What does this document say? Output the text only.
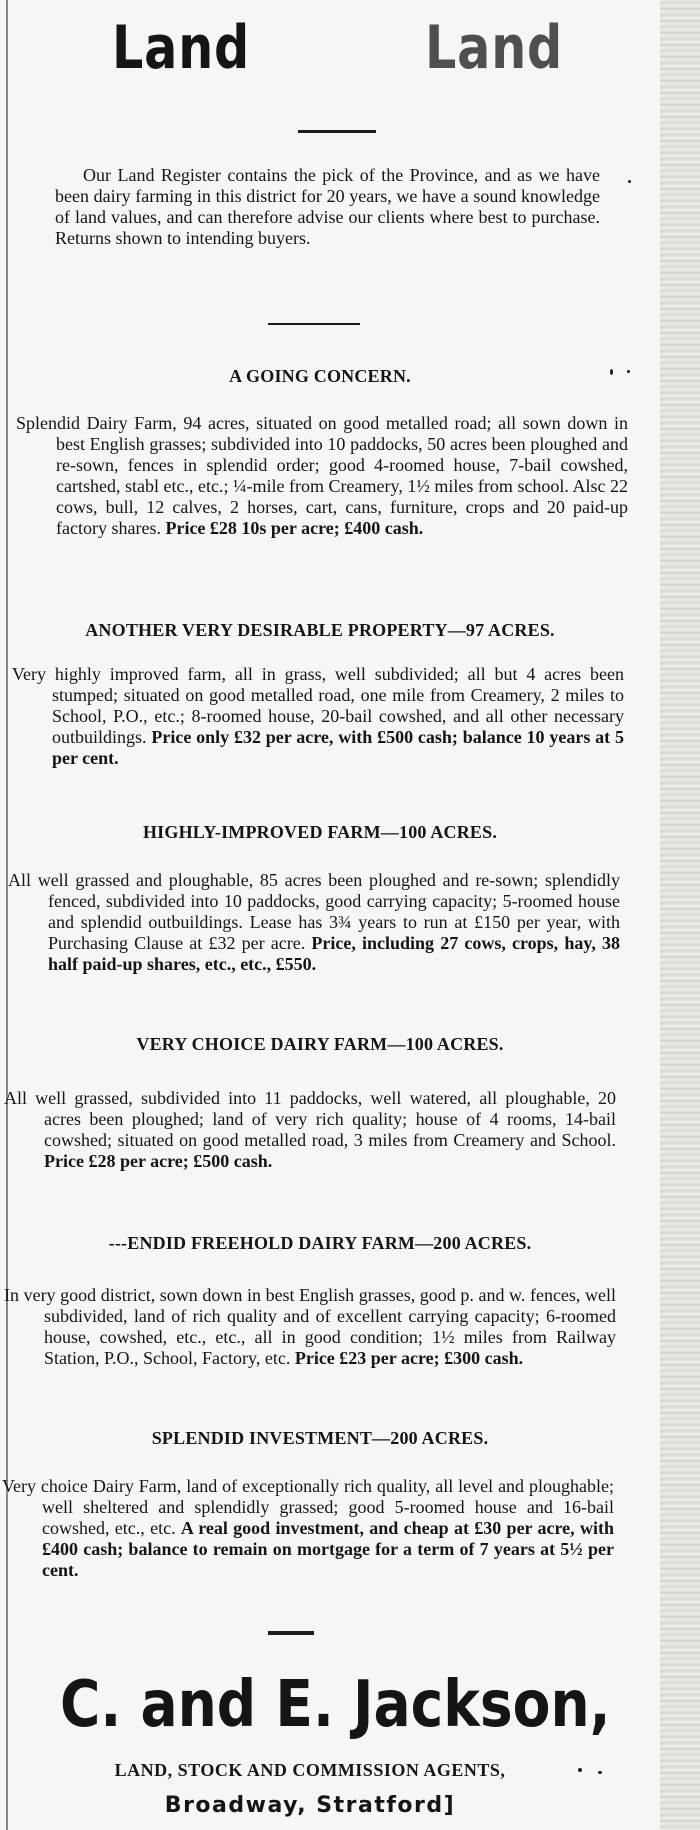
Land	Land

Our Land Register contains the pick of the Province, and as we have been dairy farming in this district for 20 years, we have a sound knowledge of land values, and can therefore advise our clients where best to purchase. Returns shown to intending buyers.

A GOING CONCERN.
Splendid Dairy Farm, 94 acres, situated on good metalled road; all sown down in best English grasses; subdivided into 10 paddocks, 50 acres been ploughed and re-sown, fences in splendid order; good 4-roomed house, 7-bail cowshed, cartshed, stabl etc., etc.; ¼-mile from Creamery, 1½ miles from school. Alsc 22 cows, bull, 12 calves, 2 horses, cart, cans, furniture, crops and 20 paid-up factory shares. Price £28 10s per acre; £400 cash.
ANOTHER VERY DESIRABLE PROPERTY—97 ACRES.
Very highly improved farm, all in grass, well subdivided; all but 4 acres been stumped; situated on good metalled road, one mile from Creamery, 2 miles to School, P.O., etc.; 8-roomed house, 20-bail cowshed, and all other necessary outbuildings. Price only £32 per acre, with £500 cash; balance 10 years at 5 per cent.
HIGHLY-IMPROVED FARM—100 ACRES.
All well grassed and ploughable, 85 acres been ploughed and re-sown; splendidly fenced, subdivided into 10 paddocks, good carrying capacity; 5-roomed house and splendid outbuildings. Lease has 3¾ years to run at £150 per year, with Purchasing Clause at £32 per acre. Price, including 27 cows, crops, hay, 38 half paid-up shares, etc., etc., £550.
VERY CHOICE DAIRY FARM—100 ACRES.
All well grassed, subdivided into 11 paddocks, well watered, all ploughable, 20 acres been ploughed; land of very rich quality; house of 4 rooms, 14-bail cowshed; situated on good metalled road, 3 miles from Creamery and School. Price £28 per acre; £500 cash.
---ENDID FREEHOLD DAIRY FARM—200 ACRES.
In very good district, sown down in best English grasses, good p. and w. fences, well subdivided, land of rich quality and of excellent carrying capacity; 6-roomed house, cowshed, etc., etc., all in good condition; 1½ miles from Railway Station, P.O., School, Factory, etc. Price £23 per acre; £300 cash.
SPLENDID INVESTMENT—200 ACRES.
Very choice Dairy Farm, land of exceptionally rich quality, all level and ploughable; well sheltered and splendidly grassed; good 5-roomed house and 16-bail cowshed, etc., etc. A real good investment, and cheap at £30 per acre, with £400 cash; balance to remain on mortgage for a term of 7 years at 5½ per cent.
C. and E. Jackson,
LAND, STOCK AND COMMISSION AGENTS,
Broadway, Stratford]
